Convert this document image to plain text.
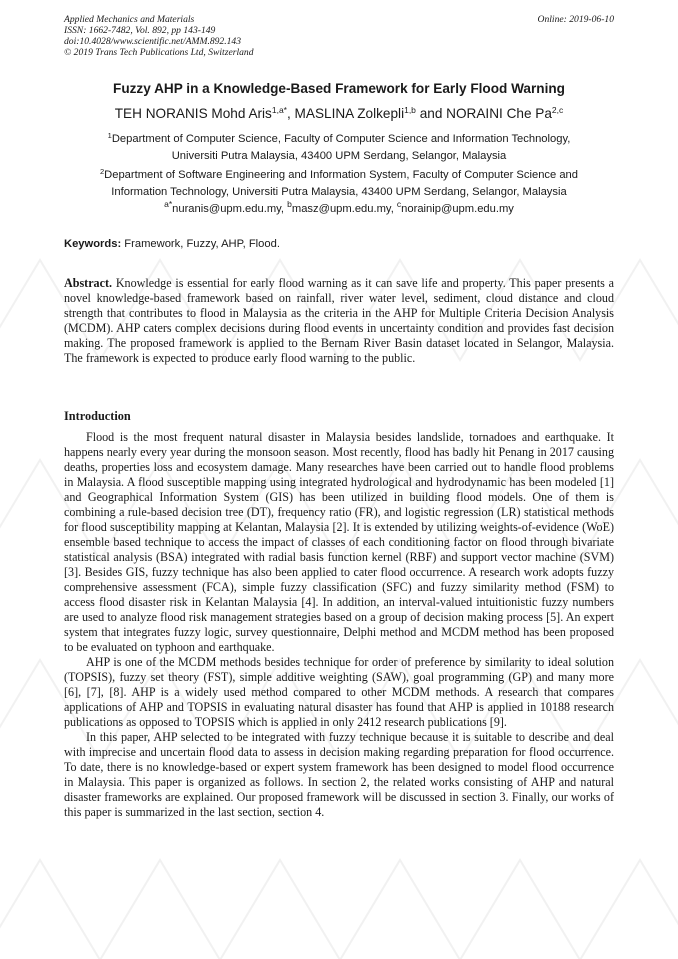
Applied Mechanics and Materials
ISSN: 1662-7482, Vol. 892, pp 143-149
doi:10.4028/www.scientific.net/AMM.892.143
© 2019 Trans Tech Publications Ltd, Switzerland
Online: 2019-06-10
Fuzzy AHP in a Knowledge-Based Framework for Early Flood Warning
TEH NORANIS Mohd Aris$^{1,a*}$, MASLINA Zolkepli$^{1,b}$ and NORAINI Che Pa$^{2,c}$
$^1$Department of Computer Science, Faculty of Computer Science and Information Technology,
Universiti Putra Malaysia, 43400 UPM Serdang, Selangor, Malaysia
$^2$Department of Software Engineering and Information System, Faculty of Computer Science and
Information Technology, Universiti Putra Malaysia, 43400 UPM Serdang, Selangor, Malaysia
$^{a*}$nuranis@upm.edu.my, $^b$masz@upm.edu.my, $^c$norainip@upm.edu.my
Keywords: Framework, Fuzzy, AHP, Flood.
Abstract. Knowledge is essential for early flood warning as it can save life and property. This paper presents a novel knowledge-based framework based on rainfall, river water level, sediment, cloud distance and cloud strength that contributes to flood in Malaysia as the criteria in the AHP for Multiple Criteria Decision Analysis (MCDM). AHP caters complex decisions during flood events in uncertainty condition and provides fast decision making. The proposed framework is applied to the Bernam River Basin dataset located in Selangor, Malaysia. The framework is expected to produce early flood warning to the public.
Introduction

Flood is the most frequent natural disaster in Malaysia besides landslide, tornadoes and earthquake. It happens nearly every year during the monsoon season. Most recently, flood has badly hit Penang in 2017 causing deaths, properties loss and ecosystem damage. Many researches have been carried out to handle flood problems in Malaysia. A flood susceptible mapping using integrated hydrological and hydrodynamic has been modeled [1] and Geographical Information System (GIS) has been utilized in building flood models. One of them is combining a rule-based decision tree (DT), frequency ratio (FR), and logistic regression (LR) statistical methods for flood susceptibility mapping at Kelantan, Malaysia [2]. It is extended by utilizing weights-of-evidence (WoE) ensemble based technique to access the impact of classes of each conditioning factor on flood through bivariate statistical analysis (BSA) integrated with radial basis function kernel (RBF) and support vector machine (SVM) [3]. Besides GIS, fuzzy technique has also been applied to cater flood occurrence. A research work adopts fuzzy comprehensive assessment (FCA), simple fuzzy classification (SFC) and fuzzy similarity method (FSM) to access flood disaster risk in Kelantan Malaysia [4]. In addition, an interval-valued intuitionistic fuzzy numbers are used to analyze flood risk management strategies based on a group of decision making process [5]. An expert system that integrates fuzzy logic, survey questionnaire, Delphi method and MCDM method has been proposed to be evaluated on typhoon and earthquake.

AHP is one of the MCDM methods besides technique for order of preference by similarity to ideal solution (TOPSIS), fuzzy set theory (FST), simple additive weighting (SAW), goal programming (GP) and many more [6], [7], [8]. AHP is a widely used method compared to other MCDM methods. A research that compares applications of AHP and TOPSIS in evaluating natural disaster has found that AHP is applied in 10188 research publications as opposed to TOPSIS which is applied in only 2412 research publications [9].

In this paper, AHP selected to be integrated with fuzzy technique because it is suitable to describe and deal with imprecise and uncertain flood data to assess in decision making regarding preparation for flood occurrence. To date, there is no knowledge-based or expert system framework has been designed to model flood occurrence in Malaysia. This paper is organized as follows. In section 2, the related works consisting of AHP and natural disaster frameworks are explained. Our proposed framework will be discussed in section 3. Finally, our works of this paper is summarized in the last section, section 4.
